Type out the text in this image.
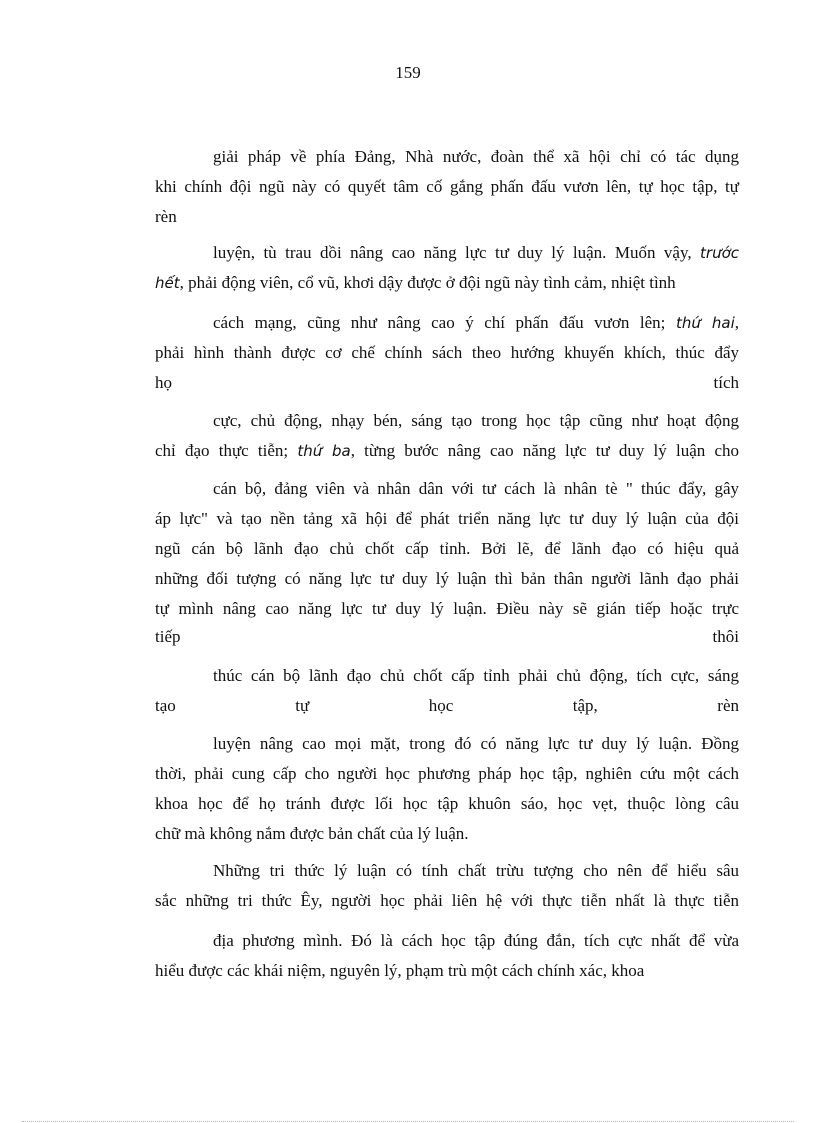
159
giải pháp về phía Đảng, Nhà nước, đoàn thể xã hội chỉ có tác dụng
khi chính đội ngũ này có quyết tâm cố gắng phấn đấu vươn lên, tự học tập, tự
rèn
luyện, tù trau dồi nâng cao năng lực tư duy lý luận. Muốn vậy, trước
hết, phải động viên, cổ vũ, khơi dậy được ở đội ngũ này tình cảm, nhiệt tình
cách mạng, cũng như nâng cao ý chí phấn đấu vươn lên; thứ hai,
phải hình thành được cơ chế chính sách theo hướng khuyến khích, thúc đẩy
họ	tích
cực, chủ động, nhạy bén, sáng tạo trong học tập cũng như hoạt động
chỉ đạo thực tiễn; thứ ba, từng bước nâng cao năng lực tư duy lý luận cho
cán bộ, đảng viên và nhân dân với tư cách là nhân tè " thúc đẩy, gây
áp lực" và tạo nền tảng xã hội để phát triển năng lực tư duy lý luận của đội
ngũ cán bộ lãnh đạo chủ chốt cấp tỉnh. Bởi lẽ, để lãnh đạo có hiệu quả
những đối tượng có năng lực tư duy lý luận thì bản thân người lãnh đạo phải
tự mình nâng cao năng lực tư duy lý luận. Điều này sẽ gián tiếp hoặc trực
tiếp	thôi
thúc cán bộ lãnh đạo chủ chốt cấp tỉnh phải chủ động, tích cực, sáng
tạo	tự	học	tập,	rèn
luyện nâng cao mọi mặt, trong đó có năng lực tư duy lý luận. Đồng
thời, phải cung cấp cho người học phương pháp học tập, nghiên cứu một cách
khoa học để họ tránh được lối học tập khuôn sáo, học vẹt, thuộc lòng câu
chữ mà không nắm được bản chất của lý luận.
Những tri thức lý luận có tính chất trừu tượng cho nên để hiểu sâu
sắc những tri thức Êy, người học phải liên hệ với thực tiễn nhất là thực tiễn
địa phương mình. Đó là cách học tập đúng đắn, tích cực nhất để vừa
hiểu được các khái niệm, nguyên lý, phạm trù một cách chính xác, khoa
